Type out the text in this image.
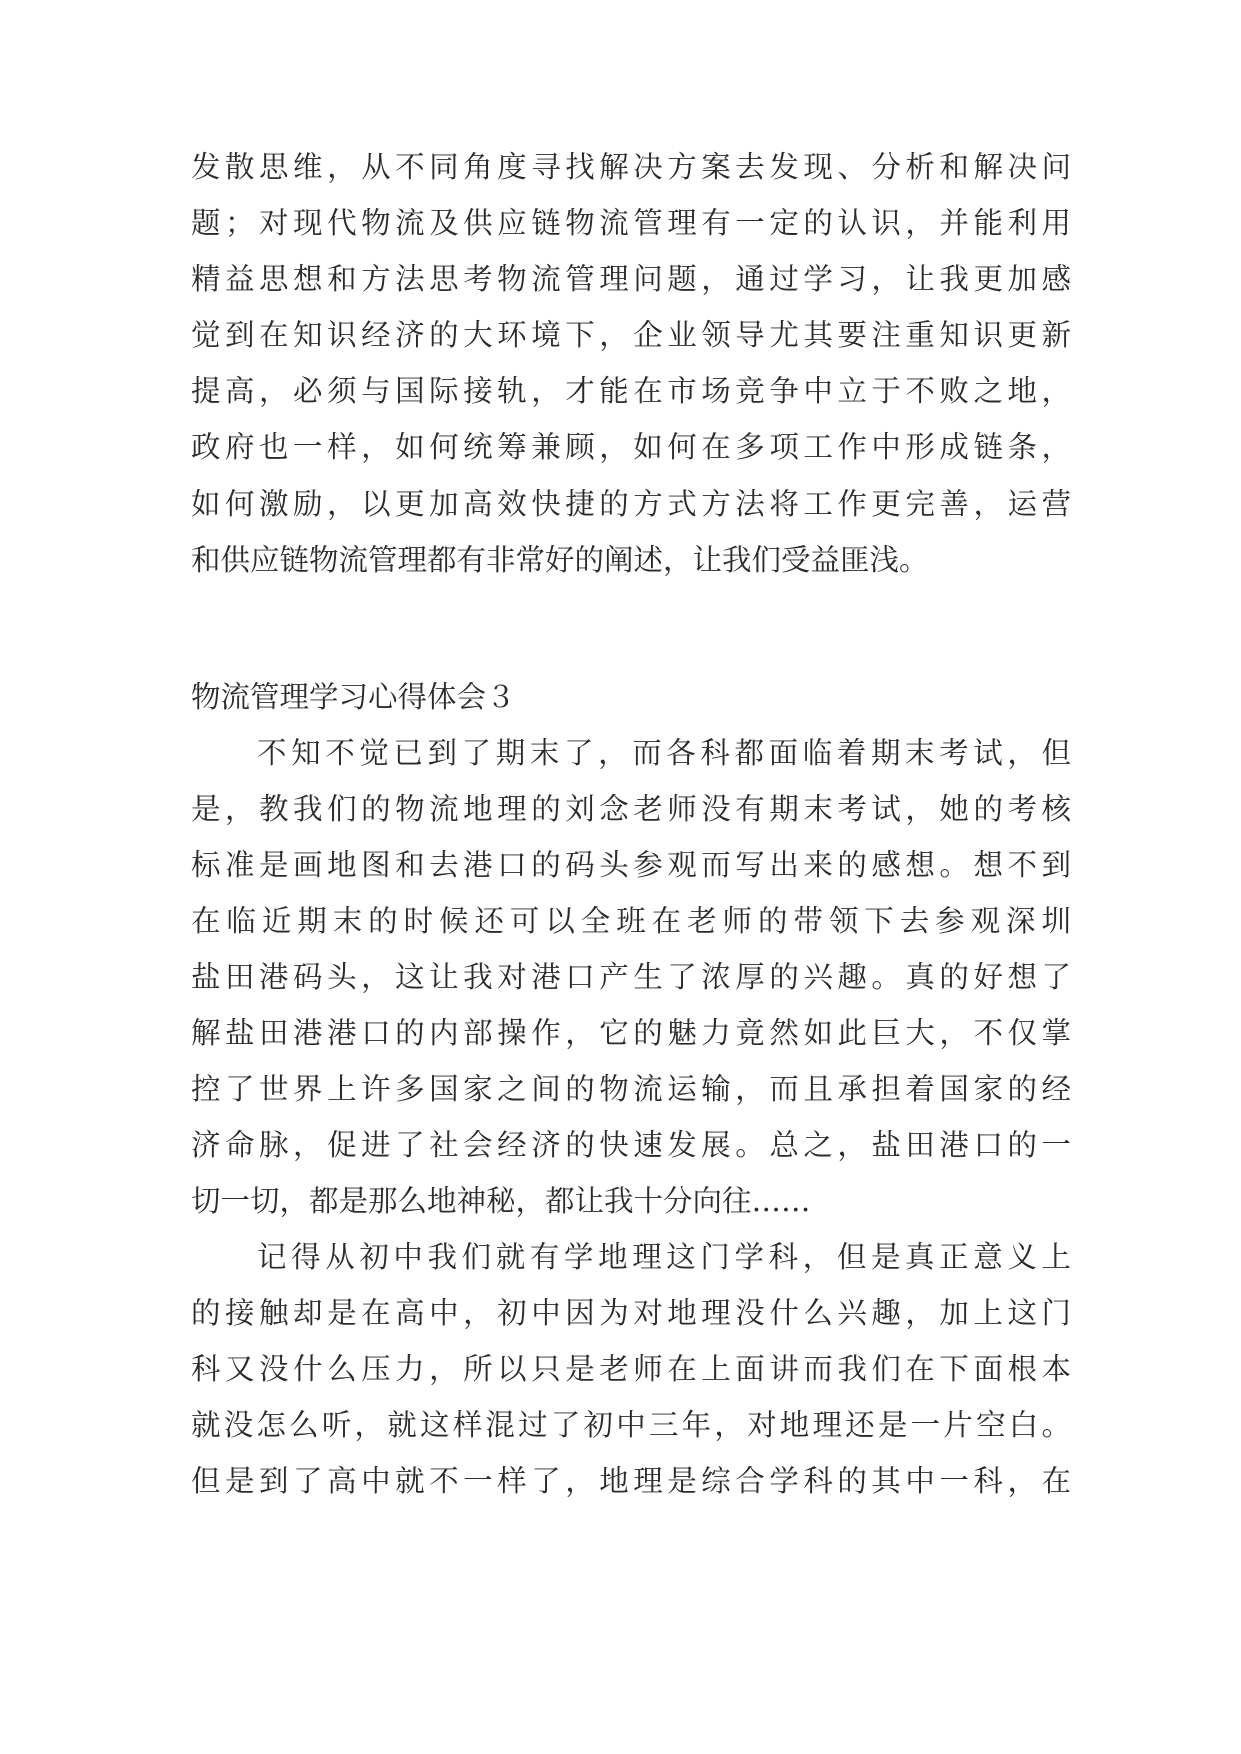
发散思维，从不同角度寻找解决方案去发现、分析和解决问
题；对现代物流及供应链物流管理有一定的认识，并能利用
精益思想和方法思考物流管理问题，通过学习，让我更加感
觉到在知识经济的大环境下，企业领导尤其要注重知识更新
提高，必须与国际接轨，才能在市场竞争中立于不败之地，
政府也一样，如何统筹兼顾，如何在多项工作中形成链条，
如何激励，以更加高效快捷的方式方法将工作更完善，运营
和供应链物流管理都有非常好的阐述，让我们受益匪浅。
物流管理学习心得体会３
不知不觉已到了期末了，而各科都面临着期末考试，但
是，教我们的物流地理的刘念老师没有期末考试，她的考核
标准是画地图和去港口的码头参观而写出来的感想。想不到
在临近期末的时候还可以全班在老师的带领下去参观深圳
盐田港码头，这让我对港口产生了浓厚的兴趣。真的好想了
解盐田港港口的内部操作，它的魅力竟然如此巨大，不仅掌
控了世界上许多国家之间的物流运输，而且承担着国家的经
济命脉，促进了社会经济的快速发展。总之，盐田港口的一
切一切，都是那么地神秘，都让我十分向往……
记得从初中我们就有学地理这门学科，但是真正意义上
的接触却是在高中，初中因为对地理没什么兴趣，加上这门
科又没什么压力，所以只是老师在上面讲而我们在下面根本
就没怎么听，就这样混过了初中三年，对地理还是一片空白。
但是到了高中就不一样了，地理是综合学科的其中一科，在
